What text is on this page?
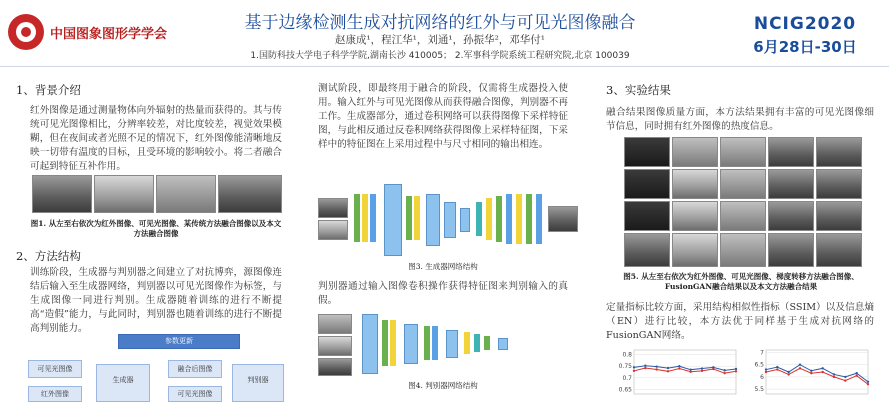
中国图象图形学学会
基于边缘检测生成对抗网络的红外与可见光图像融合
赵康成¹，程江华¹，刘通¹，孙振华²，邓华付¹
1.国防科技大学电子科学学院,湖南长沙 410005； 2.军事科学院系统工程研究院,北京 100039
NCIG2020
6月28日-30日
1、背景介绍
红外图像是通过测量物体向外辐射的热量而获得的。其与传统可见光图像相比，分辨率较差，对比度较差，视觉效果模糊，但在夜间或者光照不足的情况下，红外图像能清晰地反映一切带有温度的目标，且受环境的影响较小。将二者融合可起到特征互补作用。
图1. 从左至右依次为红外图像、可见光图像、某传统方法融合图像以及本文方法融合图像
2、方法结构
训练阶段，生成器与判别器之间建立了对抗博弈，源图像连结后输入至生成器网络，判别器以可见光图像作为标签，与生成图像一同进行判别。生成器随着训练的进行不断提高“造假”能力，与此同时，判别器也随着训练的进行不断提高判别能力。
参数更新
可见光图像
红外图像
生成器
融合后图像
可见光图像
判别器
测试阶段，即最终用于融合的阶段，仅需将生成器投入使用。输入红外与可见光图像从而获得融合图像，判别器不再工作。生成器部分，通过卷积网络可以获得图像下采样特征图，与此相反通过反卷积网络获得图像上采样特征图，下采样中的特征图在上采用过程中与尺寸相同的输出相连。
图3. 生成器网络结构
判别器通过输入图像卷积操作获得特征图来判别输入的真假。
图4. 判别器网络结构
3、实验结果
融合结果图像质量方面，本方法结果拥有丰富的可见光图像细节信息，同时拥有红外图像的热度信息。
图5. 从左至右依次为红外图像、可见光图像、梯度转移方法融合图像、FusionGAN融合结果以及本文方法融合结果
定量指标比较方面，采用结构相似性指标（SSIM）以及信息熵（EN）进行比较，本方法优于同样基于生成对抗网络的FusionGAN网络。
0.8
0.75
0.7
0.65
7
6.5
6
5.5
